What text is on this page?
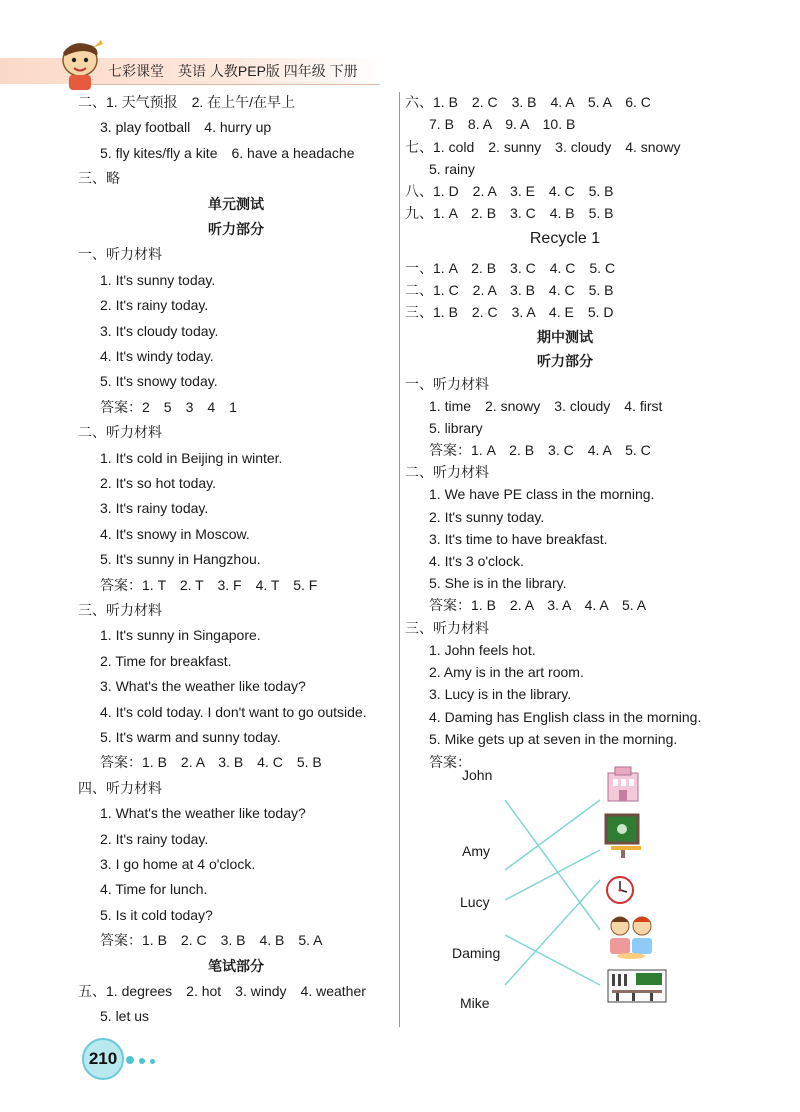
七彩课堂　英语 人教PEP版 四年级 下册
二、1. 天气预报　2. 在上午/在早上
3. play football　4. hurry up
5. fly kites/fly a kite　6. have a headache
三、略
单元测试
听力部分
一、听力材料
1. It's sunny today.
2. It's rainy today.
3. It's cloudy today.
4. It's windy today.
5. It's snowy today.
答案：2　5　3　4　1
二、听力材料
1. It's cold in Beijing in winter.
2. It's so hot today.
3. It's rainy today.
4. It's snowy in Moscow.
5. It's sunny in Hangzhou.
答案：1. T　2. T　3. F　4. T　5. F
三、听力材料
1. It's sunny in Singapore.
2. Time for breakfast.
3. What's the weather like today?
4. It's cold today. I don't want to go outside.
5. It's warm and sunny today.
答案：1. B　2. A　3. B　4. C　5. B
四、听力材料
1. What's the weather like today?
2. It's rainy today.
3. I go home at 4 o'clock.
4. Time for lunch.
5. Is it cold today?
答案：1. B　2. C　3. B　4. B　5. A
笔试部分
五、1. degrees　2. hot　3. windy　4. weather
5. let us
六、1. B　2. C　3. B　4. A　5. A　6. C
7. B　8. A　9. A　10. B
七、1. cold　2. sunny　3. cloudy　4. snowy
5. rainy
八、1. D　2. A　3. E　4. C　5. B
九、1. A　2. B　3. C　4. B　5. B
Recycle 1
一、1. A　2. B　3. C　4. C　5. C
二、1. C　2. A　3. B　4. C　5. B
三、1. B　2. C　3. A　4. E　5. D
期中测试
听力部分
一、听力材料
1. time　2. snowy　3. cloudy　4. first
5. library
答案：1. A　2. B　3. C　4. A　5. C
二、听力材料
1. We have PE class in the morning.
2. It's sunny today.
3. It's time to have breakfast.
4. It's 3 o'clock.
5. She is in the library.
答案：1. B　2. A　3. A　4. A　5. A
三、听力材料
1. John feels hot.
2. Amy is in the art room.
3. Lucy is in the library.
4. Daming has English class in the morning.
5. Mike gets up at seven in the morning.
答案：
John
Amy
Lucy
Daming
Mike
210
